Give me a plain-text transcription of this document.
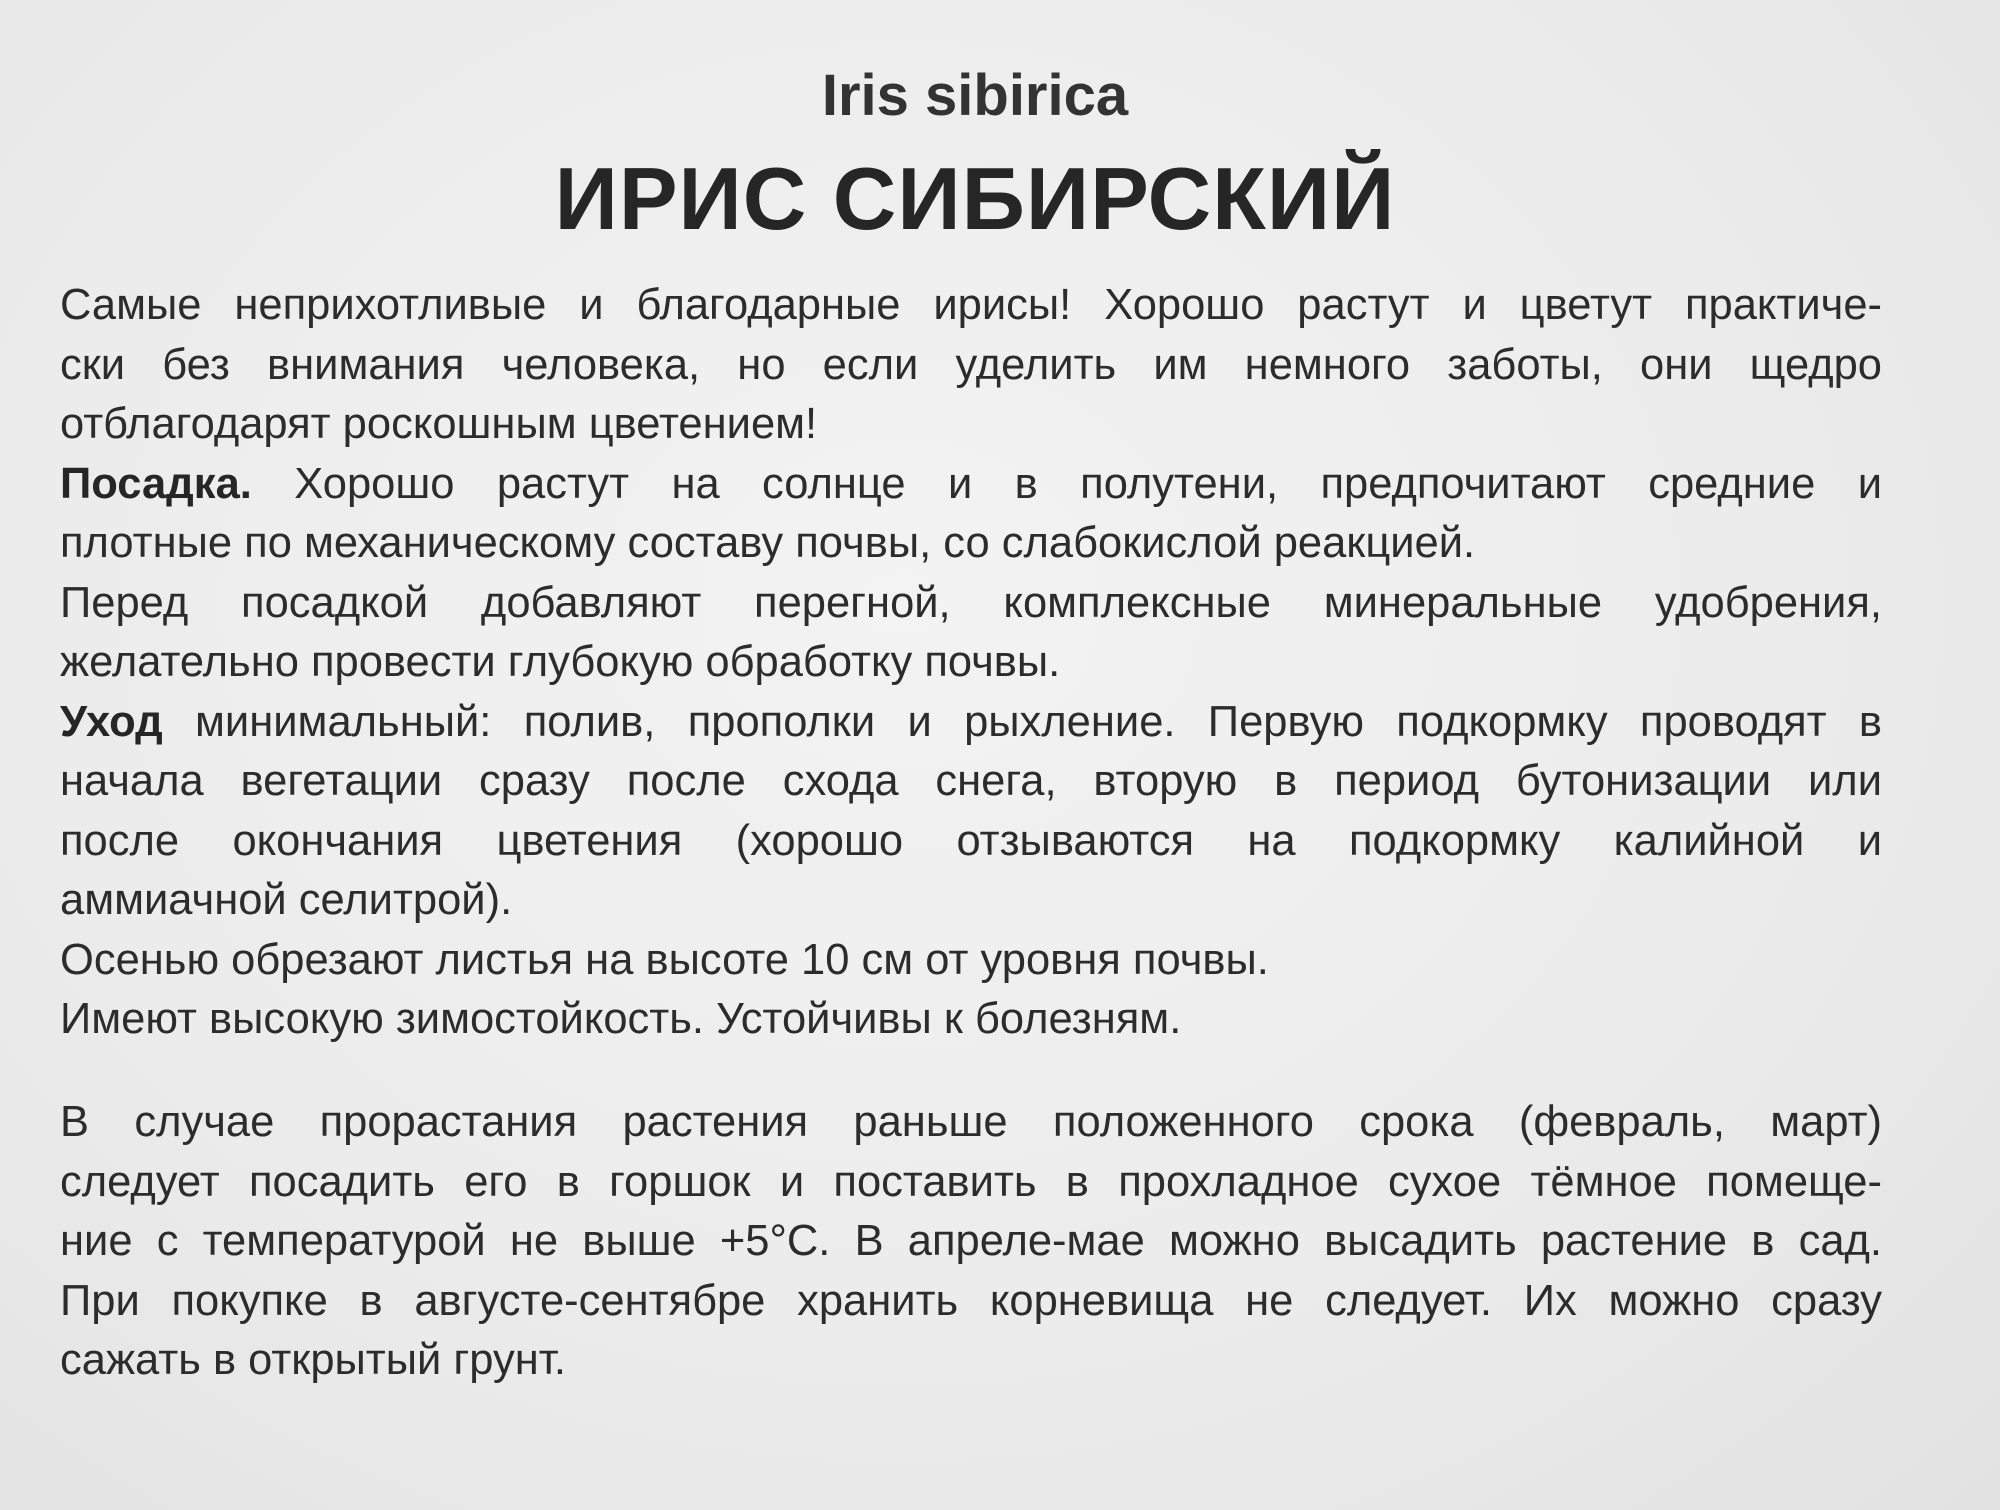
Iris sibirica
ИРИС СИБИРСКИЙ
Самые неприхотливые и благодарные ирисы! Хорошо растут и цветут практиче-
ски без внимания человека, но если уделить им немного заботы, они щедро
отблагодарят роскошным цветением!
Посадка. Хорошо растут на солнце и в полутени, предпочитают средние и
плотные по механическому составу почвы, со слабокислой реакцией.
Перед посадкой добавляют перегной, комплексные минеральные удобрения,
желательно провести глубокую обработку почвы.
Уход минимальный: полив, прополки и рыхление. Первую подкормку проводят в
начала вегетации сразу после схода снега, вторую в период бутонизации или
после окончания цветения (хорошо отзываются на подкормку калийной и
аммиачной селитрой).
Осенью обрезают листья на высоте 10 см от уровня почвы.
Имеют высокую зимостойкость. Устойчивы к болезням.
В случае прорастания растения раньше положенного срока (февраль, март)
следует посадить его в горшок и поставить в прохладное сухое тёмное помеще-
ние с температурой не выше +5°С. В апреле-мае можно высадить растение в сад.
При покупке в августе-сентябре хранить корневища не следует. Их можно сразу
сажать в открытый грунт.
